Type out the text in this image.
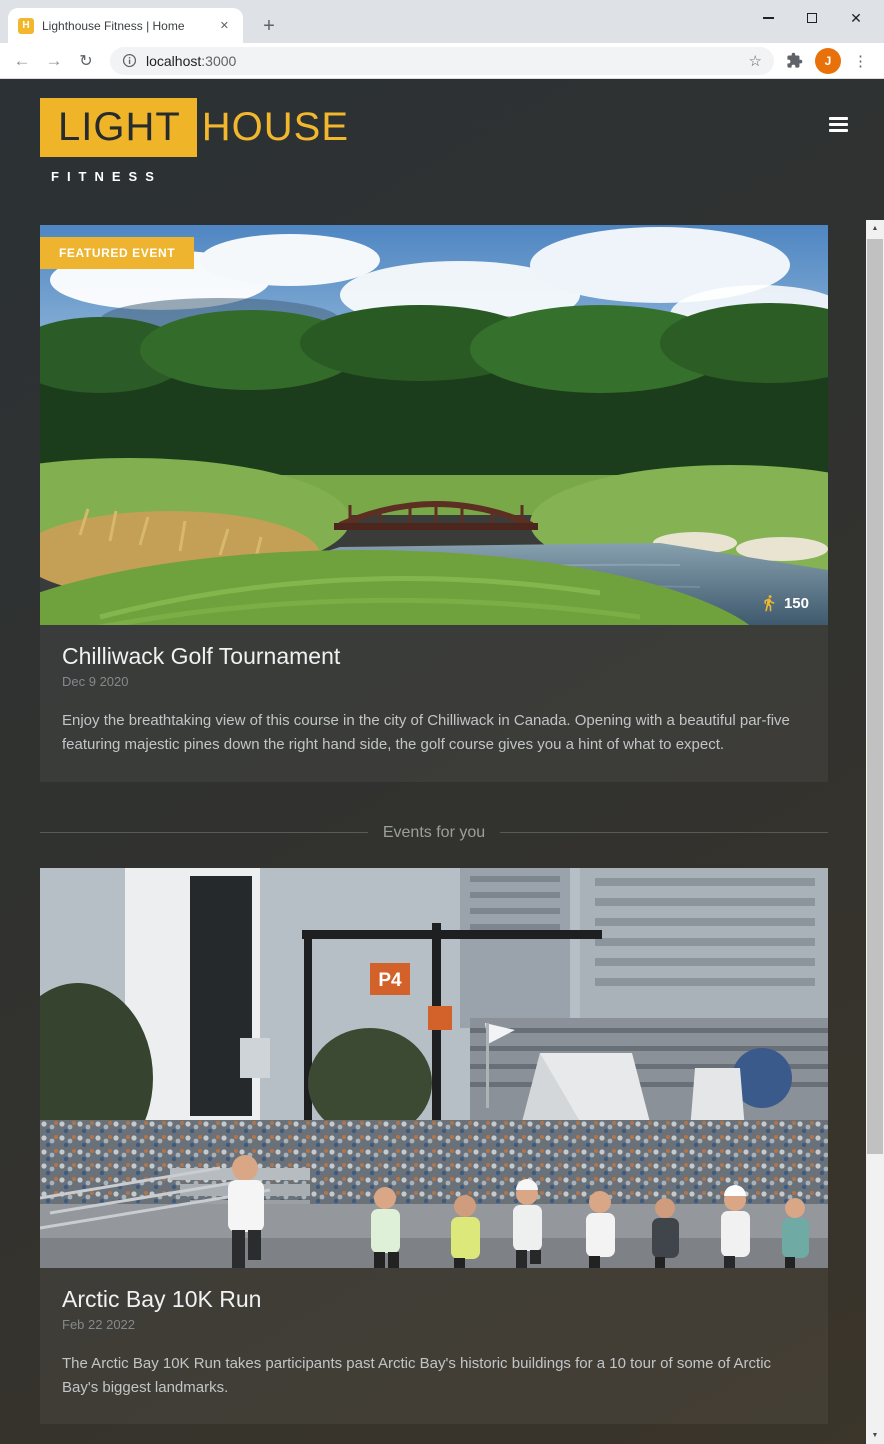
H	Lighthouse Fitness | Home	✕	+	✕
← → ↻	localhost:3000	☆	J	⋮
LIGHT HOUSE
FITNESS
FEATURED EVENT
150
Chilliwack Golf Tournament
Dec 9 2020
Enjoy the breathtaking view of this course in the city of Chilliwack in Canada. Opening with a beautiful par-five featuring majestic pines down the right hand side, the golf course gives you a hint of what to expect.
Events for you
P4
Arctic Bay 10K Run
Feb 22 2022
The Arctic Bay 10K Run takes participants past Arctic Bay's historic buildings for a 10 tour of some of Arctic Bay's biggest landmarks.
▲
▼
